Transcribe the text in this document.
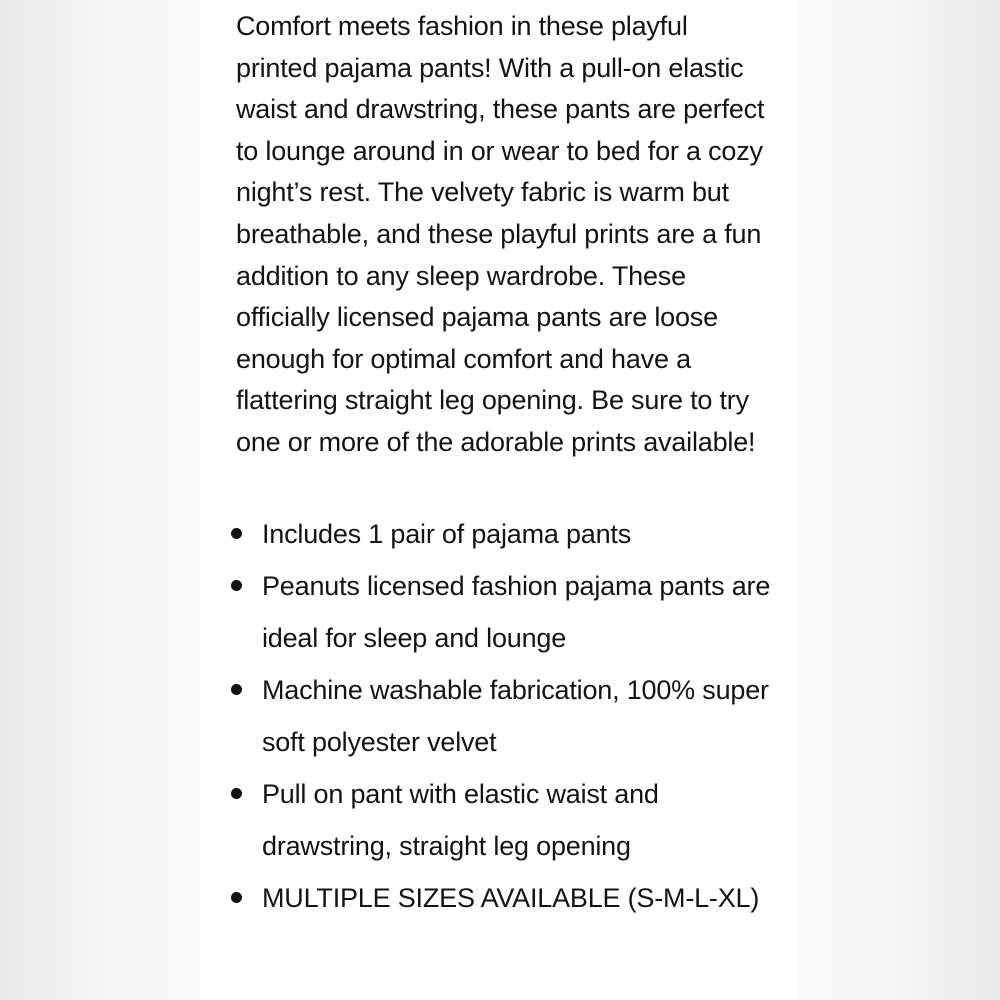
Comfort meets fashion in these playful printed pajama pants! With a pull-on elastic waist and drawstring, these pants are perfect to lounge around in or wear to bed for a cozy night’s rest. The velvety fabric is warm but breathable, and these playful prints are a fun addition to any sleep wardrobe. These officially licensed pajama pants are loose enough for optimal comfort and have a flattering straight leg opening. Be sure to try one or more of the adorable prints available!

Includes 1 pair of pajama pants
Peanuts licensed fashion pajama pants are ideal for sleep and lounge
Machine washable fabrication, 100% super soft polyester velvet
Pull on pant with elastic waist and drawstring, straight leg opening
MULTIPLE SIZES AVAILABLE (S-M-L-XL)
